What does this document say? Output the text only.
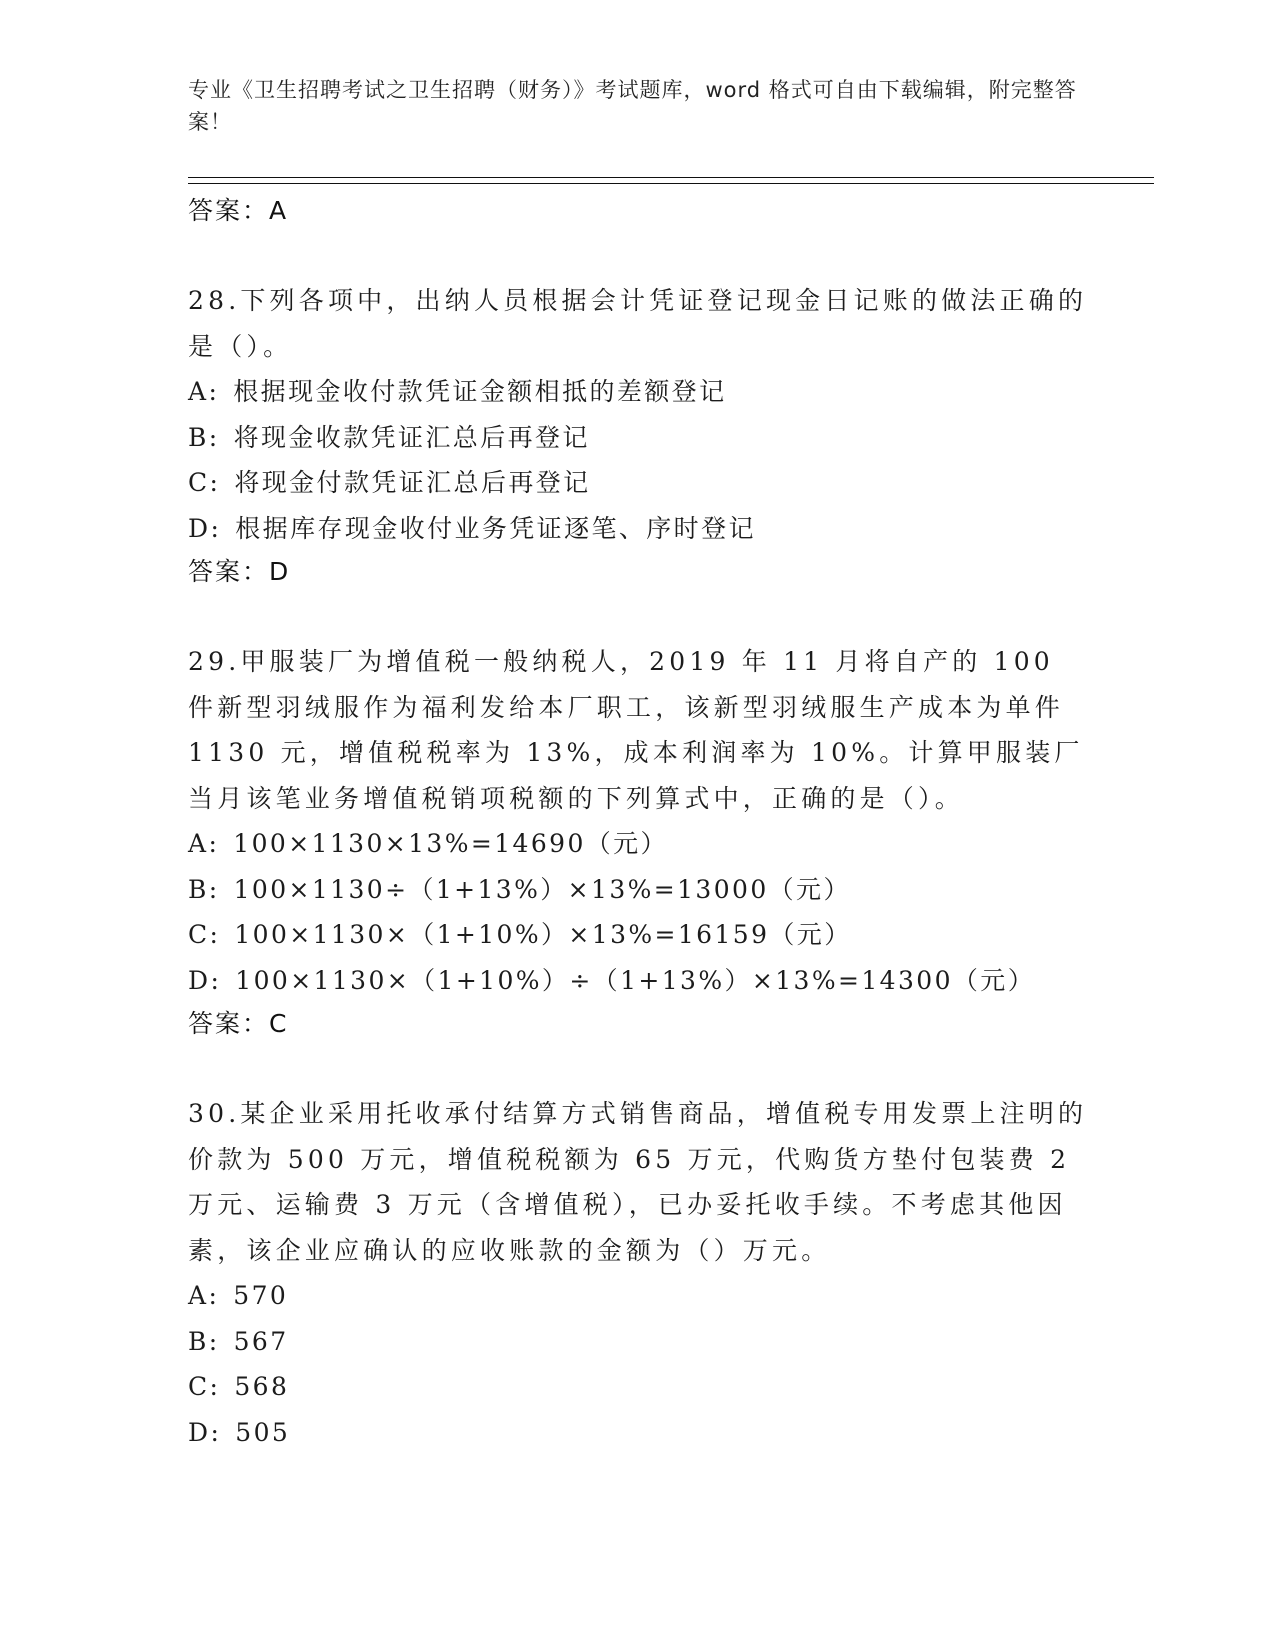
专业《卫生招聘考试之卫生招聘（财务）》考试题库，word 格式可自由下载编辑，附完整答案！
答案：A
28.下列各项中，出纳人员根据会计凭证登记现金日记账的做法正确的是（）。
A: 根据现金收付款凭证金额相抵的差额登记
B: 将现金收款凭证汇总后再登记
C: 将现金付款凭证汇总后再登记
D: 根据库存现金收付业务凭证逐笔、序时登记
答案：D
29.甲服装厂为增值税一般纳税人，2019 年 11 月将自产的 100 件新型羽绒服作为福利发给本厂职工，该新型羽绒服生产成本为单件 1130 元，增值税税率为 13%，成本利润率为 10%。计算甲服装厂当月该笔业务增值税销项税额的下列算式中，正确的是（）。
A: 100×1130×13%=14690（元）
B: 100×1130÷（1+13%）×13%=13000（元）
C: 100×1130×（1+10%）×13%=16159（元）
D: 100×1130×（1+10%）÷（1+13%）×13%=14300（元）
答案：C
30.某企业采用托收承付结算方式销售商品，增值税专用发票上注明的价款为 500 万元，增值税税额为 65 万元，代购货方垫付包装费 2 万元、运输费 3 万元（含增值税），已办妥托收手续。不考虑其他因素，该企业应确认的应收账款的金额为（）万元。
A: 570
B: 567
C: 568
D: 505
